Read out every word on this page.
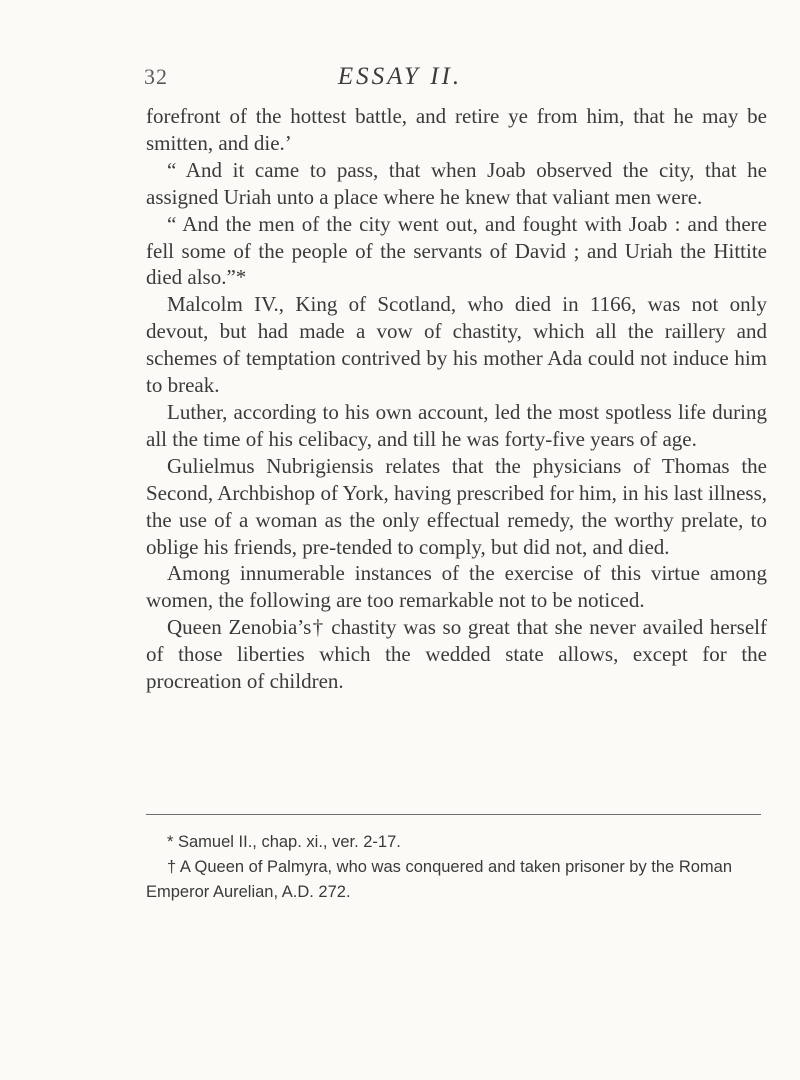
32	ESSAY II.

forefront of the hottest battle, and retire ye from him, that he may be smitten, and die.’

“ And it came to pass, that when Joab observed the city, that he assigned Uriah unto a place where he knew that valiant men were.

“ And the men of the city went out, and fought with Joab : and there fell some of the people of the servants of David ; and Uriah the Hittite died also.”*

Malcolm IV., King of Scotland, who died in 1166, was not only devout, but had made a vow of chastity, which all the raillery and schemes of temptation contrived by his mother Ada could not induce him to break.

Luther, according to his own account, led the most spotless life during all the time of his celibacy, and till he was forty-five years of age.

Gulielmus Nubrigiensis relates that the physicians of Thomas the Second, Archbishop of York, having prescribed for him, in his last illness, the use of a woman as the only effectual remedy, the worthy prelate, to oblige his friends, pre-tended to comply, but did not, and died.

Among innumerable instances of the exercise of this virtue among women, the following are too remarkable not to be noticed.

Queen Zenobia’s† chastity was so great that she never availed herself of those liberties which the wedded state allows, except for the procreation of children.

* Samuel II., chap. xi., ver. 2-17.

† A Queen of Palmyra, who was conquered and taken prisoner by the Roman Emperor Aurelian, A.D. 272.
